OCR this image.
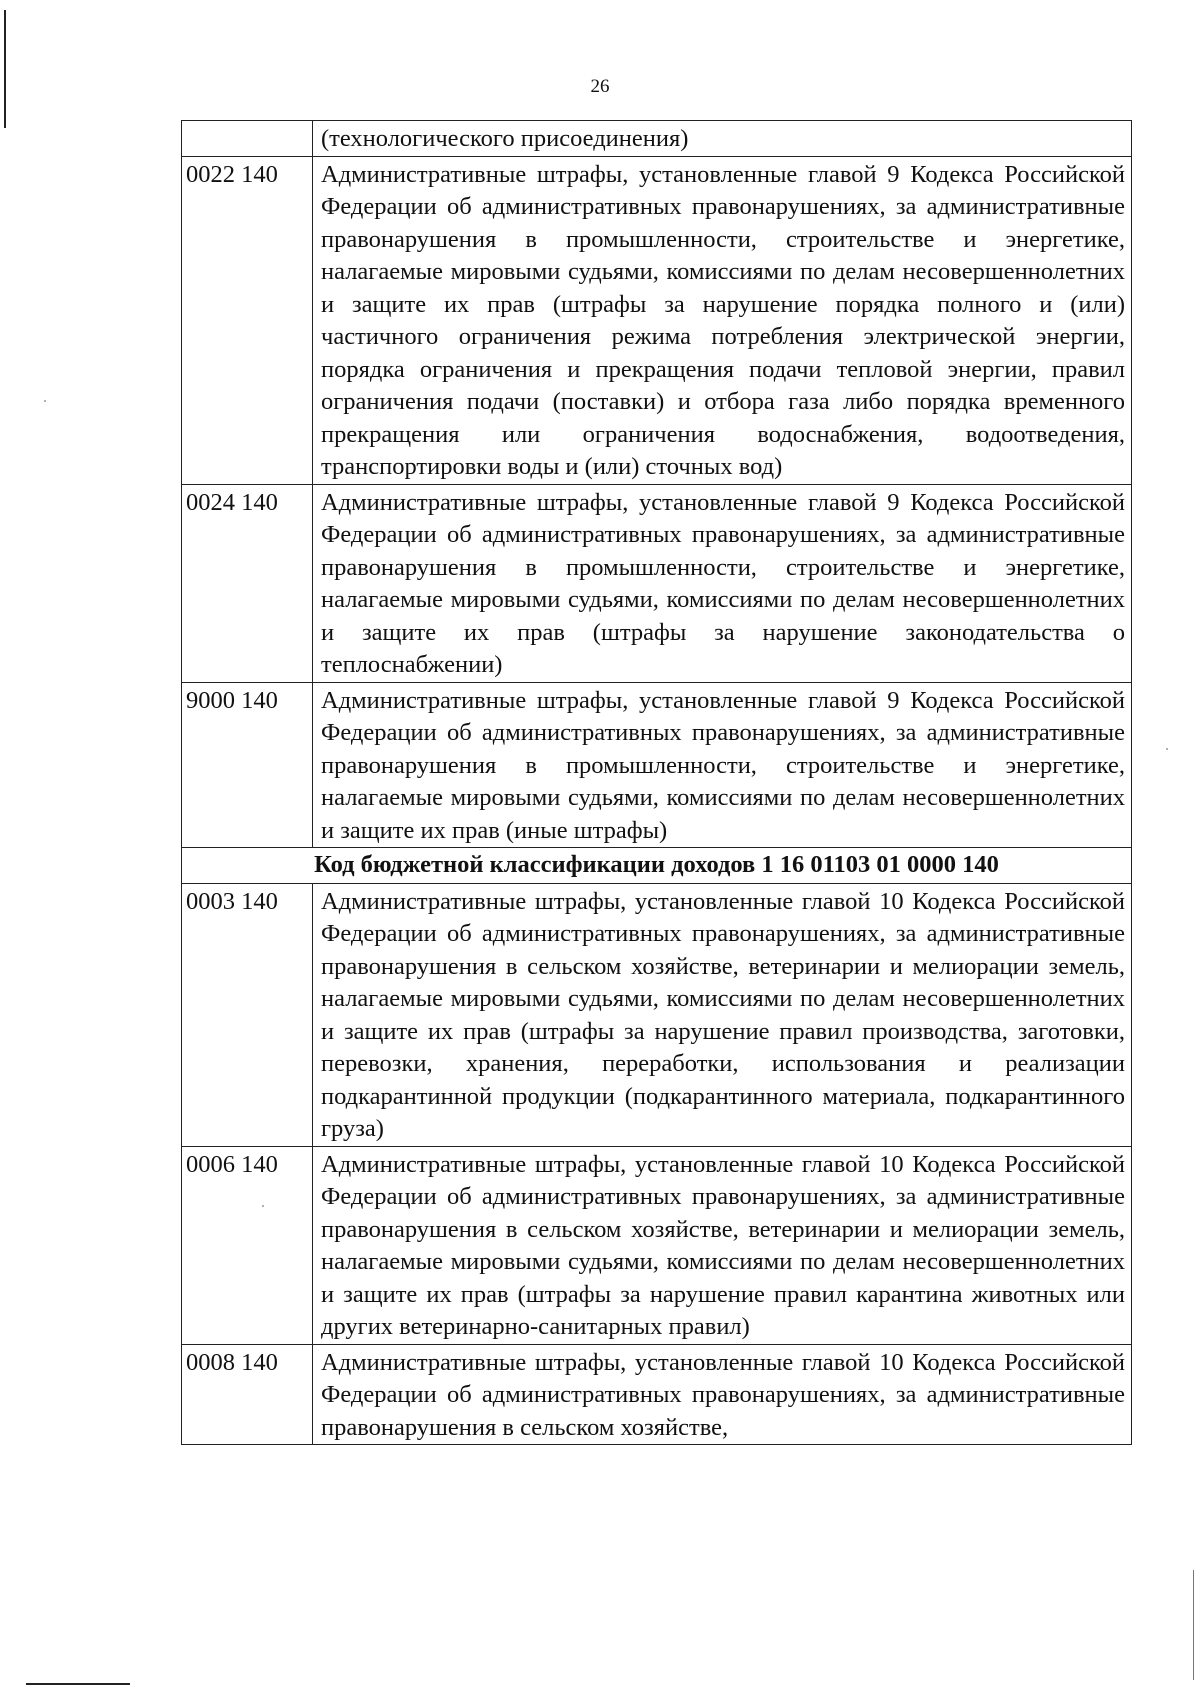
26
	(технологического присоединения)
0022 140	Административные штрафы, установленные главой 9 Кодекса Российской Федерации об административных правонарушениях, за административные правонарушения в промышленности, строительстве и энергетике, налагаемые мировыми судьями, комиссиями по делам несовершеннолетних и защите их прав (штрафы за нарушение порядка полного и (или) частичного ограничения режима потребления электрической энергии, порядка ограничения и прекращения подачи тепловой энергии, правил ограничения подачи (поставки) и отбора газа либо порядка временного прекращения или ограничения водоснабжения, водоотведения, транспортировки воды и (или) сточных вод)
0024 140	Административные штрафы, установленные главой 9 Кодекса Российской Федерации об административных правонарушениях, за административные правонарушения в промышленности, строительстве и энергетике, налагаемые мировыми судьями, комиссиями по делам несовершеннолетних и защите их прав (штрафы за нарушение законодательства о теплоснабжении)
9000 140	Административные штрафы, установленные главой 9 Кодекса Российской Федерации об административных правонарушениях, за административные правонарушения в промышленности, строительстве и энергетике, налагаемые мировыми судьями, комиссиями по делам несовершеннолетних и защите их прав (иные штрафы)
Код бюджетной классификации доходов 1 16 01103 01 0000 140	
0003 140	Административные штрафы, установленные главой 10 Кодекса Российской Федерации об административных правонарушениях, за административные правонарушения в сельском хозяйстве, ветеринарии и мелиорации земель, налагаемые мировыми судьями, комиссиями по делам несовершеннолетних и защите их прав (штрафы за нарушение правил производства, заготовки, перевозки, хранения, переработки, использования и реализации подкарантинной продукции (подкарантинного материала, подкарантинного груза)
0006 140	Административные штрафы, установленные главой 10 Кодекса Российской Федерации об административных правонарушениях, за административные правонарушения в сельском хозяйстве, ветеринарии и мелиорации земель, налагаемые мировыми судьями, комиссиями по делам несовершеннолетних и защите их прав (штрафы за нарушение правил карантина животных или других ветеринарно-санитарных правил)
0008 140	Административные штрафы, установленные главой 10 Кодекса Российской Федерации об административных правонарушениях, за административные правонарушения в сельском хозяйстве,
